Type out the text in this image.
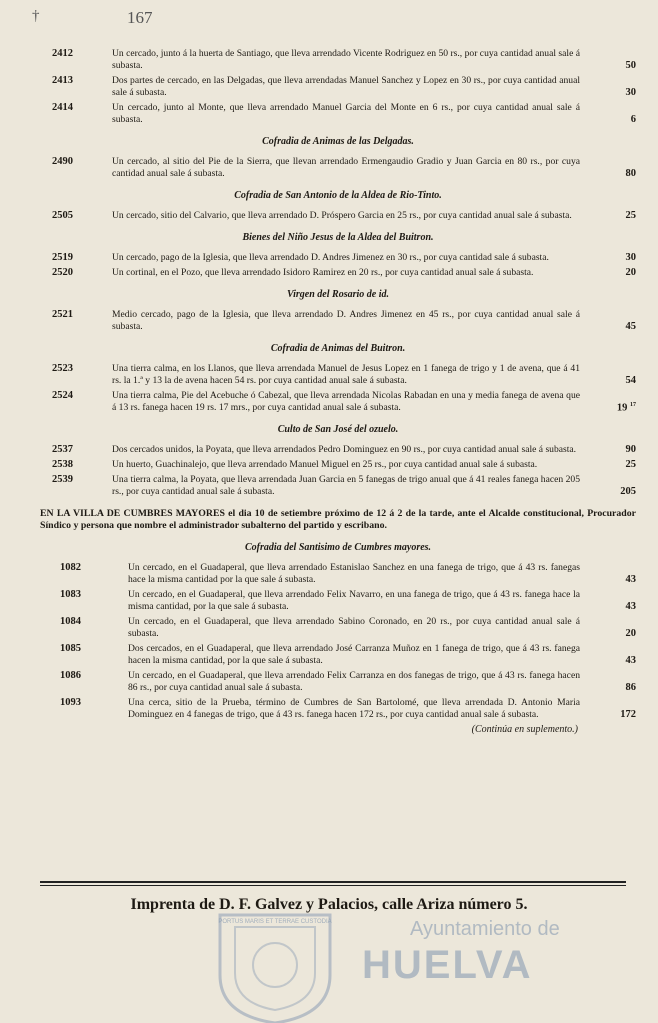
†	167
2412	Un cercado, junto á la huerta de Santiago, que lleva arrendado Vicente Rodriguez en 50 rs., por cuya cantidad anual sale á subasta.	50
2413	Dos partes de cercado, en las Delgadas, que lleva arrendadas Manuel Sanchez y Lopez en 30 rs., por cuya cantidad anual sale á subasta.	30
2414	Un cercado, junto al Monte, que lleva arrendado Manuel Garcia del Monte en 6 rs., por cuya cantidad anual sale á subasta.	6
Cofradia de Animas de las Delgadas.
2490	Un cercado, al sitio del Pie de la Sierra, que llevan arrendado Ermengaudio Gradio y Juan Garcia en 80 rs., por cuya cantidad anual sale á subasta.	80
Cofradia de San Antonio de la Aldea de Rio-Tinto.
2505	Un cercado, sitio del Calvario, que lleva arrendado D. Próspero Garcia en 25 rs., por cuya cantidad anual sale á subasta.	25
Bienes del Niño Jesus de la Aldea del Buitron.
2519	Un cercado, pago de la Iglesia, que lleva arrendado D. Andres Jimenez en 30 rs., por cuya cantidad sale á subasta.	30
2520	Un cortinal, en el Pozo, que lleva arrendado Isidoro Ramirez en 20 rs., por cuya cantidad anual sale á subasta.	20
Virgen del Rosario de id.
2521	Medio cercado, pago de la Iglesia, que lleva arrendado D. Andres Jimenez en 45 rs., por cuya cantidad anual sale á subasta.	45
Cofradia de Animas del Buitron.
2523	Una tierra calma, en los Llanos, que lleva arrendada Manuel de Jesus Lopez en 1 fanega de trigo y 1 de avena, que á 41 rs. la 1.ª y 13 la de avena hacen 54 rs. por cuya cantidad anual sale á subasta.	54
2524	Una tierra calma, Pie del Acebuche ó Cabezal, que lleva arrendada Nicolas Rabadan en una y media fanega de avena que á 13 rs. fanega hacen 19 rs. 17 mrs., por cuya cantidad anual sale á subasta.	19 $^{17}$
Culto de San José del ozuelo.
2537	Dos cercados unidos, la Poyata, que lleva arrendados Pedro Dominguez en 90 rs., por cuya cantidad anual sale á subasta.	90
2538	Un huerto, Guachinalejo, que lleva arrendado Manuel Miguel en 25 rs., por cuya cantidad anual sale á subasta.	25
2539	Una tierra calma, la Poyata, que lleva arrendada Juan Garcia en 5 fanegas de trigo anual que á 41 reales fanega hacen 205 rs., por cuya cantidad anual sale á subasta.	205
EN LA VILLA DE CUMBRES MAYORES el dia 10 de setiembre próximo de 12 á 2 de la tarde, ante el Alcalde constitucional, Procurador Síndico y persona que nombre el administrador subalterno del partido y escribano.
Cofradia del Santisimo de Cumbres mayores.
1082	Un cercado, en el Guadaperal, que lleva arrendado Estanislao Sanchez en una fanega de trigo, que á 43 rs. fanegas hace la misma cantidad por la que sale á subasta.	43
1083	Un cercado, en el Guadaperal, que lleva arrendado Felix Navarro, en una fanega de trigo, que á 43 rs. fanega hace la misma cantidad, por la que sale á subasta.	43
1084	Un cercado, en el Guadaperal, que lleva arrendado Sabino Coronado, en 20 rs., por cuya cantidad anual sale á subasta.	20
1085	Dos cercados, en el Guadaperal, que lleva arrendado José Carranza Muñoz en 1 fanega de trigo, que á 43 rs. fanega hacen la misma cantidad, por la que sale á subasta.	43
1086	Un cercado, en el Guadaperal, que lleva arrendado Felix Carranza en dos fanegas de trigo, que á 43 rs. fanega hacen 86 rs., por cuya cantidad anual sale á subasta.	86
1093	Una cerca, sitio de la Prueba, término de Cumbres de San Bartolomé, que lleva arrendada D. Antonio Maria Dominguez en 4 fanegas de trigo, que á 43 rs. fanega hacen 172 rs., por cuya cantidad anual sale á subasta.	172
(Continúa en suplemento.)
Imprenta de D. F. Galvez y Palacios, calle Ariza número 5.
PORTUS MARIS ET TERRAE CUSTODIA	Ayuntamiento de
HUELVA
